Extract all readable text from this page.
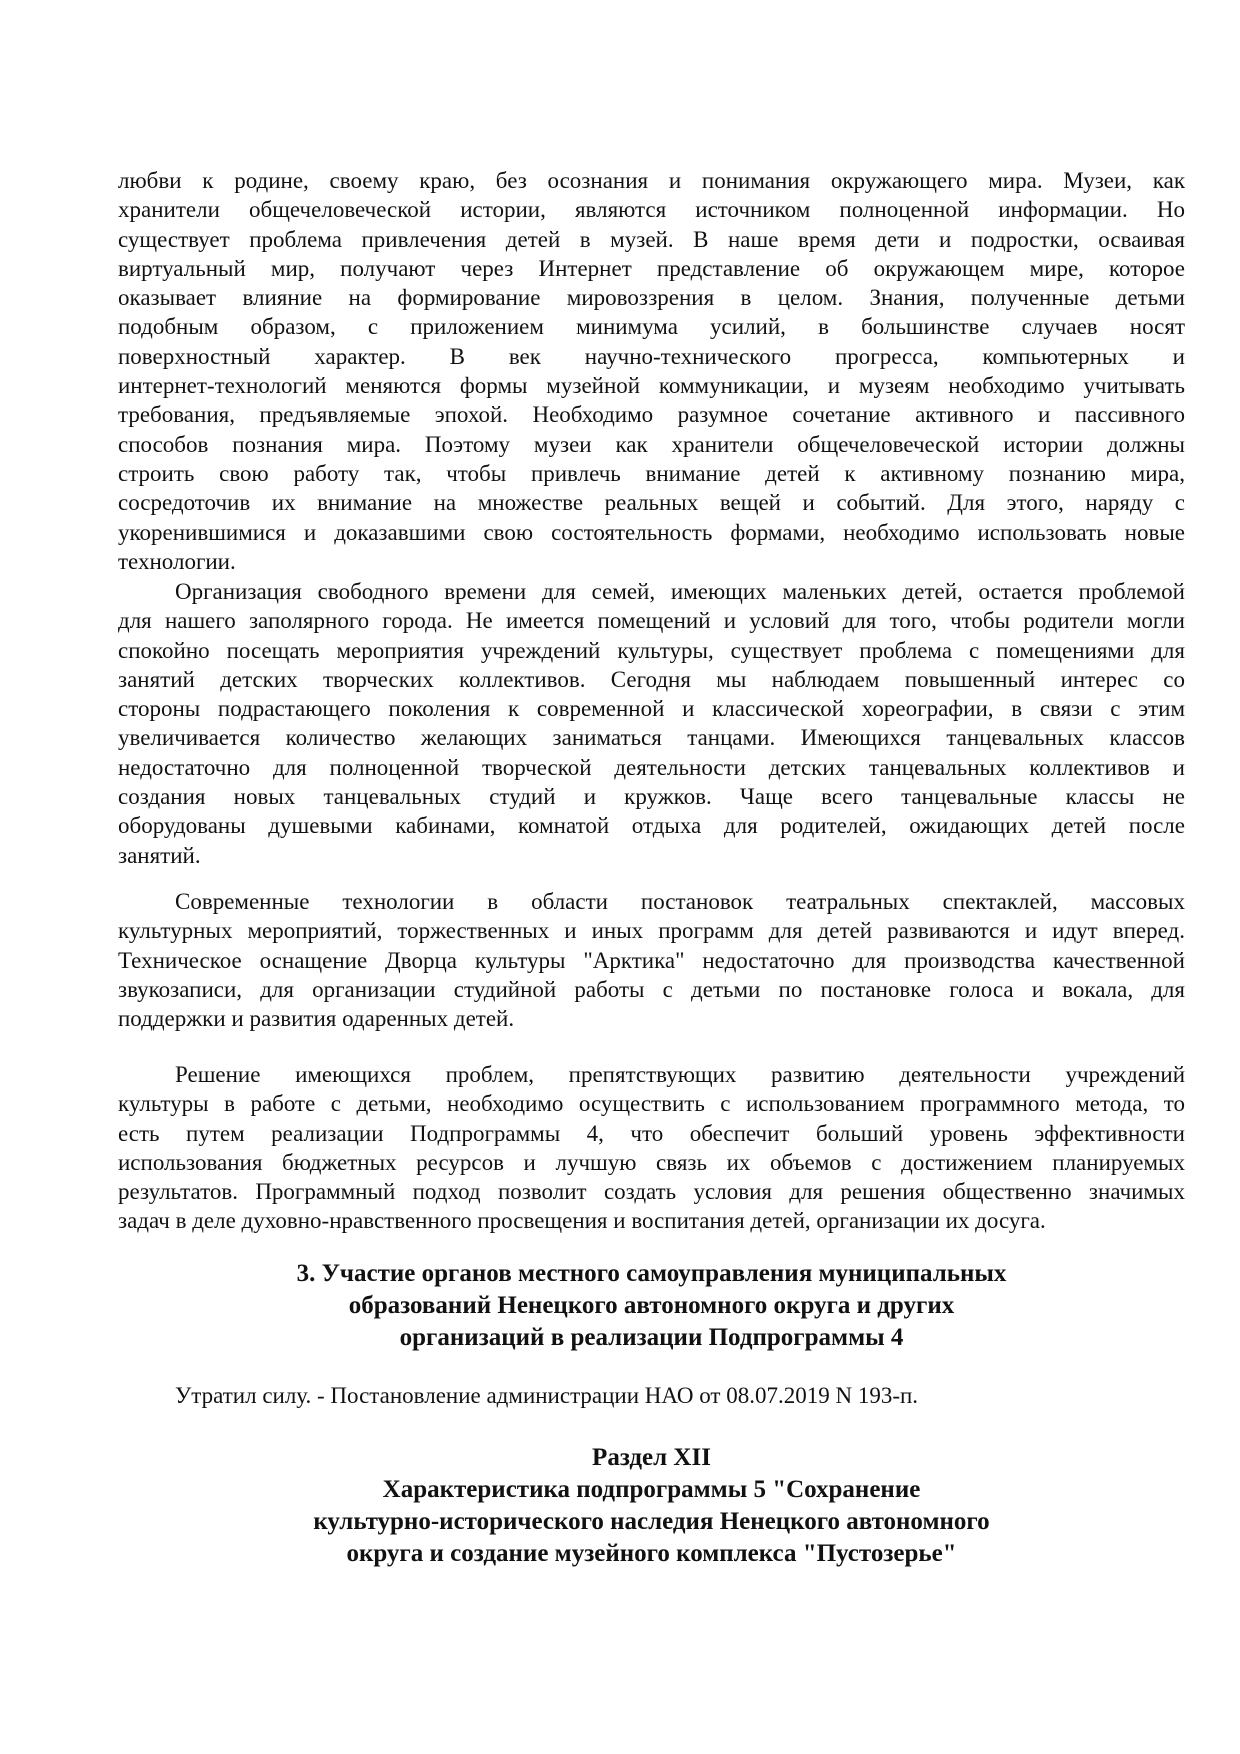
любви к родине, своему краю, без осознания и понимания окружающего мира. Музеи, как
хранители общечеловеческой истории, являются источником полноценной информации. Но
существует проблема привлечения детей в музей. В наше время дети и подростки, осваивая
виртуальный мир, получают через Интернет представление об окружающем мире, которое
оказывает влияние на формирование мировоззрения в целом. Знания, полученные детьми
подобным образом, с приложением минимума усилий, в большинстве случаев носят
поверхностный характер. В век научно-технического прогресса, компьютерных и
интернет-технологий меняются формы музейной коммуникации, и музеям необходимо учитывать
требования, предъявляемые эпохой. Необходимо разумное сочетание активного и пассивного
способов познания мира. Поэтому музеи как хранители общечеловеческой истории должны
строить свою работу так, чтобы привлечь внимание детей к активному познанию мира,
сосредоточив их внимание на множестве реальных вещей и событий. Для этого, наряду с
укоренившимися и доказавшими свою состоятельность формами, необходимо использовать новые
технологии.
Организация свободного времени для семей, имеющих маленьких детей, остается проблемой
для нашего заполярного города. Не имеется помещений и условий для того, чтобы родители могли
спокойно посещать мероприятия учреждений культуры, существует проблема с помещениями для
занятий детских творческих коллективов. Сегодня мы наблюдаем повышенный интерес со
стороны подрастающего поколения к современной и классической хореографии, в связи с этим
увеличивается количество желающих заниматься танцами. Имеющихся танцевальных классов
недостаточно для полноценной творческой деятельности детских танцевальных коллективов и
создания новых танцевальных студий и кружков. Чаще всего танцевальные классы не
оборудованы душевыми кабинами, комнатой отдыха для родителей, ожидающих детей после
занятий.
Современные технологии в области постановок театральных спектаклей, массовых
культурных мероприятий, торжественных и иных программ для детей развиваются и идут вперед.
Техническое оснащение Дворца культуры "Арктика" недостаточно для производства качественной
звукозаписи, для организации студийной работы с детьми по постановке голоса и вокала, для
поддержки и развития одаренных детей.
Решение имеющихся проблем, препятствующих развитию деятельности учреждений
культуры в работе с детьми, необходимо осуществить с использованием программного метода, то
есть путем реализации Подпрограммы 4, что обеспечит больший уровень эффективности
использования бюджетных ресурсов и лучшую связь их объемов с достижением планируемых
результатов. Программный подход позволит создать условия для решения общественно значимых
задач в деле духовно-нравственного просвещения и воспитания детей, организации их досуга.
3. Участие органов местного самоуправления муниципальных
образований Ненецкого автономного округа и других
организаций в реализации Подпрограммы 4
Утратил силу. - Постановление администрации НАО от 08.07.2019 N 193-п.
Раздел XII
Характеристика подпрограммы 5 "Сохранение
культурно-исторического наследия Ненецкого автономного
округа и создание музейного комплекса "Пустозерье"
